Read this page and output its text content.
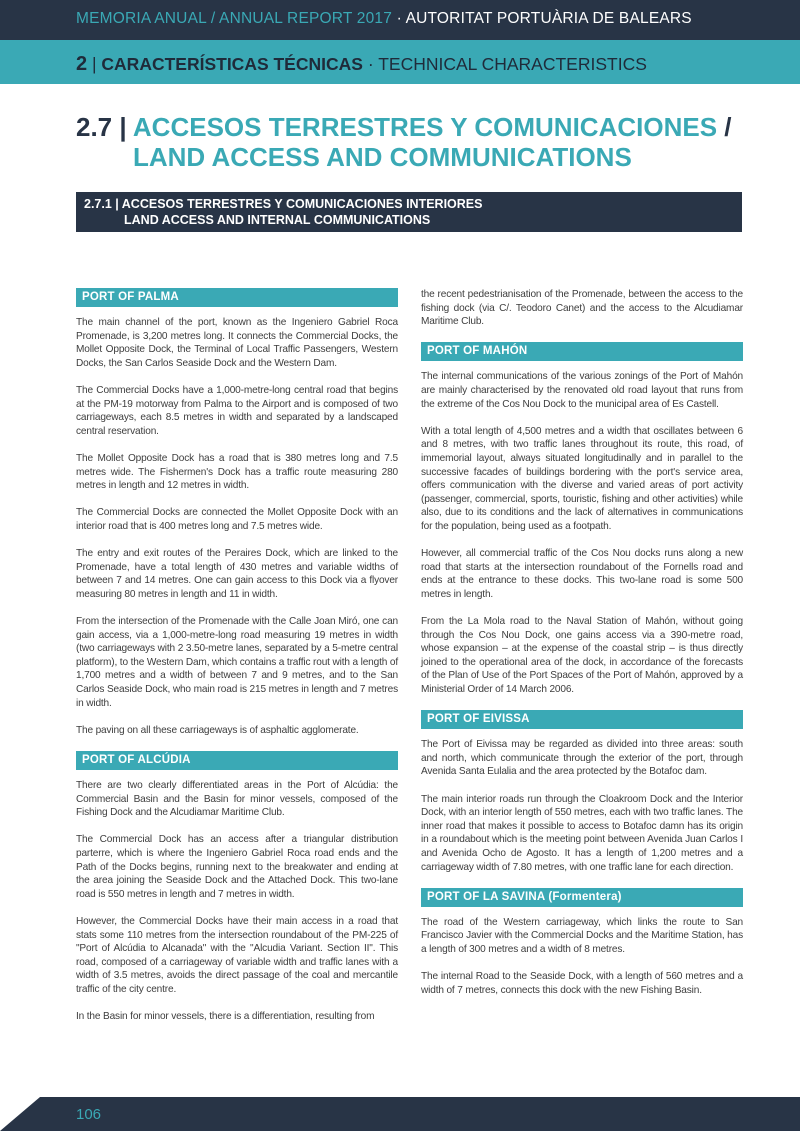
MEMORIA ANUAL / ANNUAL REPORT 2017 · AUTORITAT PORTUÀRIA DE BALEARS
2 | CARACTERÍSTICAS TÉCNICAS · TECHNICAL CHARACTERISTICS
2.7 | ACCESOS TERRESTRES Y COMUNICACIONES /
LAND ACCESS AND COMMUNICATIONS
2.7.1 | ACCESOS TERRESTRES Y COMUNICACIONES INTERIORES
LAND ACCESS AND INTERNAL COMMUNICATIONS
PORT OF PALMA

The main channel of the port, known as the Ingeniero Gabriel Roca Promenade, is 3,200 metres long. It connects the Commercial Docks, the Mollet Opposite Dock, the Terminal of Local Traffic Passengers, Western Docks, the San Carlos Seaside Dock and the Western Dam.

The Commercial Docks have a 1,000-metre-long central road that begins at the PM-19 motorway from Palma to the Airport and is composed of two carriageways, each 8.5 metres in width and separated by a landscaped central reservation.

The Mollet Opposite Dock has a road that is 380 metres long and 7.5 metres wide. The Fishermen's Dock has a traffic route measuring 280 metres in length and 12 metres in width.

The Commercial Docks are connected the Mollet Opposite Dock with an interior road that is 400 metres long and 7.5 metres wide.

The entry and exit routes of the Peraires Dock, which are linked to the Promenade, have a total length of 430 metres and variable widths of between 7 and 14 metres. One can gain access to this Dock via a flyover measuring 80 metres in length and 11 in width.

From the intersection of the Promenade with the Calle Joan Miró, one can gain access, via a 1,000-metre-long road measuring 19 metres in width (two carriageways with 2 3.50-metre lanes, separated by a 5-metre central platform), to the Western Dam, which contains a traffic rout with a length of 1,700 metres and a width of between 7 and 9 metres, and to the San Carlos Seaside Dock, who main road is 215 metres in length and 7 metres in width.

The paving on all these carriageways is of asphaltic agglomerate.

PORT OF ALCÚDIA

There are two clearly differentiated areas in the Port of Alcúdia: the Commercial Basin and the Basin for minor vessels, composed of the Fishing Dock and the Alcudiamar Maritime Club.

The Commercial Dock has an access after a triangular distribution parterre, which is where the Ingeniero Gabriel Roca road ends and the Path of the Docks begins, running next to the breakwater and ending at the area joining the Seaside Dock and the Attached Dock. This two-lane road is 550 metres in length and 7 metres in width.

However, the Commercial Docks have their main access in a road that stats some 110 metres from the intersection roundabout of the PM-225 of "Port of Alcúdia to Alcanada" with the "Alcudia Variant. Section II". This road, composed of a carriageway of variable width and traffic lanes with a width of 3.5 metres, avoids the direct passage of the coal and mercantile traffic of the city centre.

In the Basin for minor vessels, there is a differentiation, resulting from

the recent pedestrianisation of the Promenade, between the access to the fishing dock (via C/. Teodoro Canet) and the access to the Alcudiamar Maritime Club.

PORT OF MAHÓN

The internal communications of the various zonings of the Port of Mahón are mainly characterised by the renovated old road layout that runs from the extreme of the Cos Nou Dock to the municipal area of Es Castell.

With a total length of 4,500 metres and a width that oscillates between 6 and 8 metres, with two traffic lanes throughout its route, this road, of immemorial layout, always situated longitudinally and in parallel to the successive facades of buildings bordering with the port's service area, offers communication with the diverse and varied areas of port activity (passenger, commercial, sports, touristic, fishing and other activities) while also, due to its conditions and the lack of alternatives in communications for the population, being used as a footpath.

However, all commercial traffic of the Cos Nou docks runs along a new road that starts at the intersection roundabout of the Fornells road and ends at the entrance to these docks. This two-lane road is some 500 metres in length.

From the La Mola road to the Naval Station of Mahón, without going through the Cos Nou Dock, one gains access via a 390-metre road, whose expansion – at the expense of the coastal strip – is thus directly joined to the operational area of the dock, in accordance of the forecasts of the Plan of Use of the Port Spaces of the Port of Mahón, approved by a Ministerial Order of 14 March 2006.

PORT OF EIVISSA

The Port of Eivissa may be regarded as divided into three areas: south and north, which communicate through the exterior of the port, through Avenida Santa Eulalia and the area protected by the Botafoc dam.

The main interior roads run through the Cloakroom Dock and the Interior Dock, with an interior length of 550 metres, each with two traffic lanes. The inner road that makes it possible to access to Botafoc damn has its origin in a roundabout which is the meeting point between Avenida Juan Carlos I and Avenida Ocho de Agosto. It has a length of 1,200 metres and a carriageway width of 7.80 metres, with one traffic lane for each direction.

PORT OF LA SAVINA (Formentera)

The road of the Western carriageway, which links the route to San Francisco Javier with the Commercial Docks and the Maritime Station, has a length of 300 metres and a width of 8 metres.

The internal Road to the Seaside Dock, with a length of 560 metres and a width of 7 metres, connects this dock with the new Fishing Basin.

106
